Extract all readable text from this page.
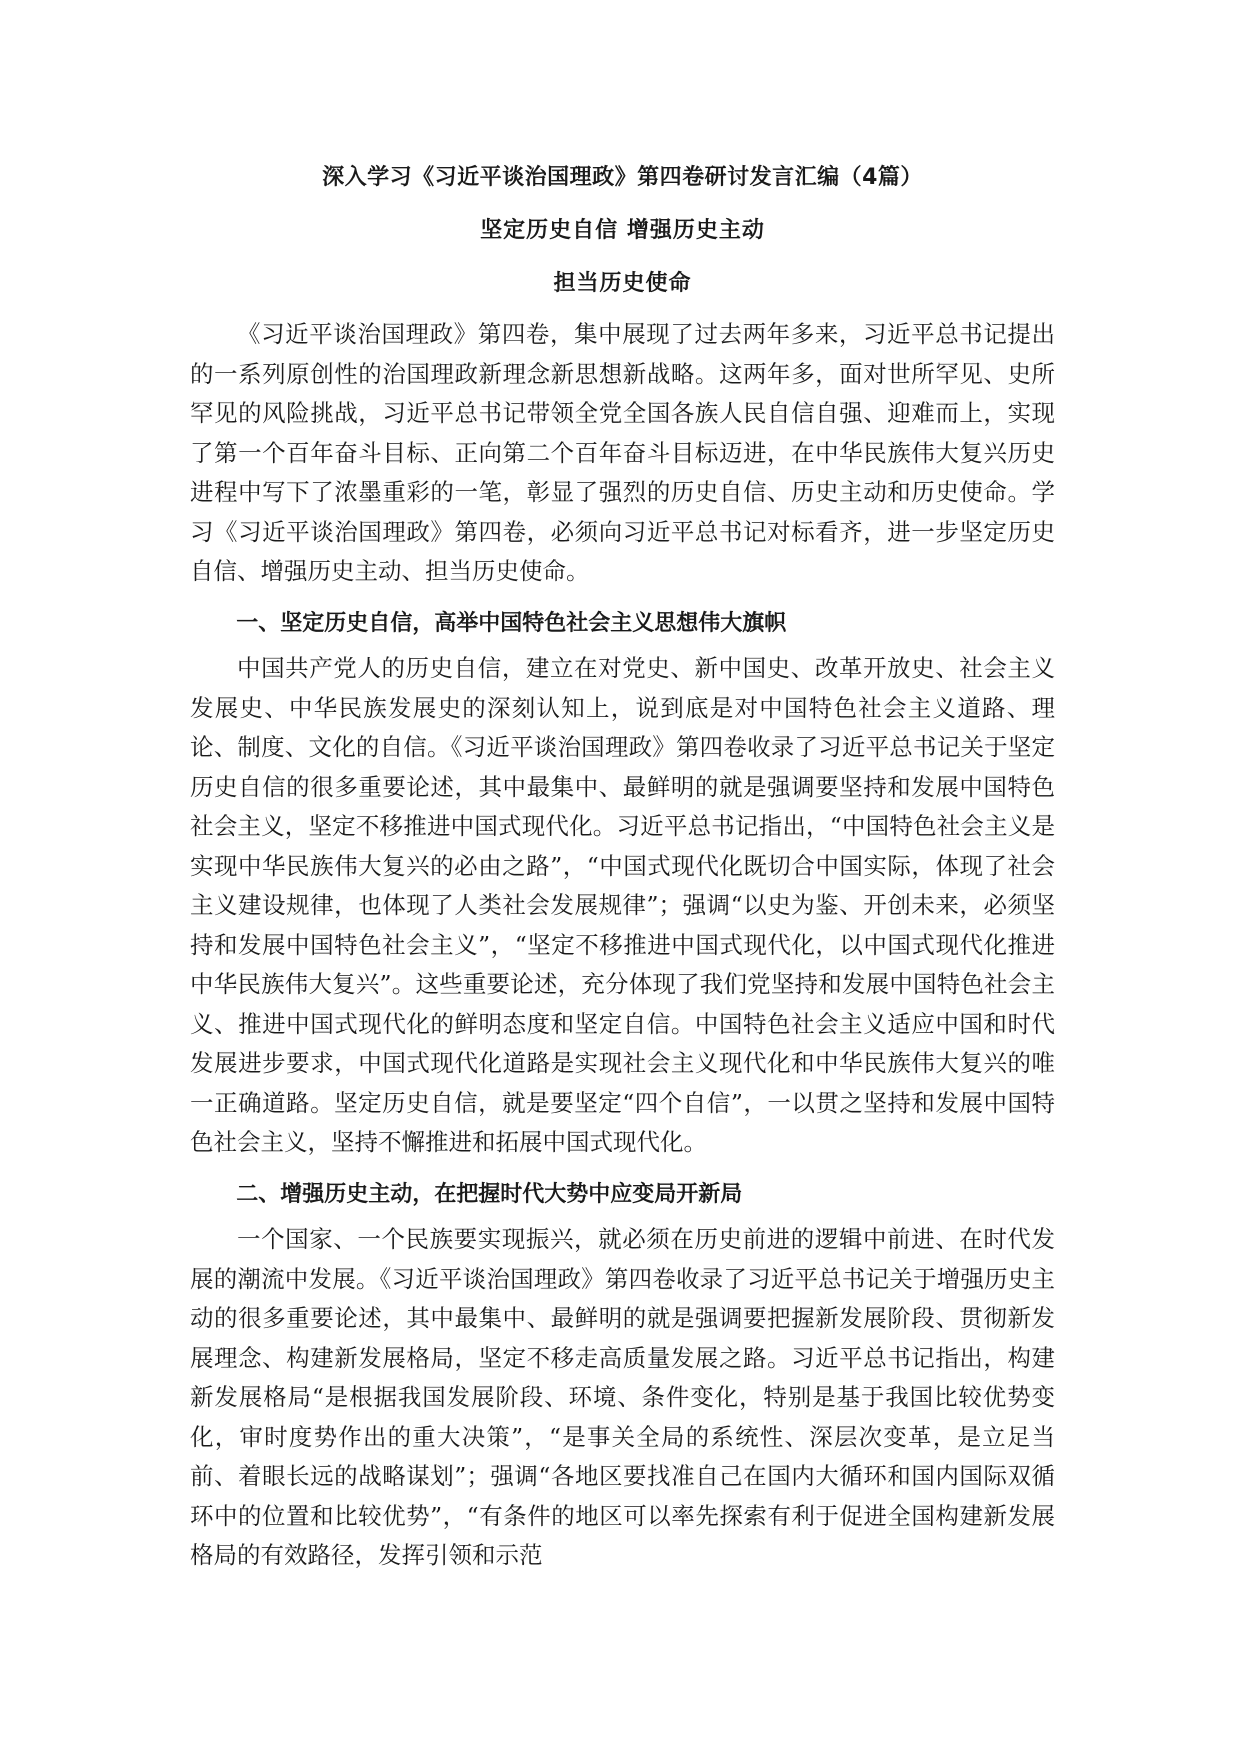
深入学习《习近平谈治国理政》第四卷研讨发言汇编（4篇）
坚定历史自信 增强历史主动
担当历史使命

《习近平谈治国理政》第四卷，集中展现了过去两年多来，习近平总书记提出的一系列原创性的治国理政新理念新思想新战略。这两年多，面对世所罕见、史所罕见的风险挑战，习近平总书记带领全党全国各族人民自信自强、迎难而上，实现了第一个百年奋斗目标、正向第二个百年奋斗目标迈进，在中华民族伟大复兴历史进程中写下了浓墨重彩的一笔，彰显了强烈的历史自信、历史主动和历史使命。学习《习近平谈治国理政》第四卷，必须向习近平总书记对标看齐，进一步坚定历史自信、增强历史主动、担当历史使命。

一、坚定历史自信，高举中国特色社会主义思想伟大旗帜

中国共产党人的历史自信，建立在对党史、新中国史、改革开放史、社会主义发展史、中华民族发展史的深刻认知上，说到底是对中国特色社会主义道路、理论、制度、文化的自信。《习近平谈治国理政》第四卷收录了习近平总书记关于坚定历史自信的很多重要论述，其中最集中、最鲜明的就是强调要坚持和发展中国特色社会主义，坚定不移推进中国式现代化。习近平总书记指出，“中国特色社会主义是实现中华民族伟大复兴的必由之路”，“中国式现代化既切合中国实际，体现了社会主义建设规律，也体现了人类社会发展规律”；强调“以史为鉴、开创未来，必须坚持和发展中国特色社会主义”，“坚定不移推进中国式现代化，以中国式现代化推进中华民族伟大复兴”。这些重要论述，充分体现了我们党坚持和发展中国特色社会主义、推进中国式现代化的鲜明态度和坚定自信。中国特色社会主义适应中国和时代发展进步要求，中国式现代化道路是实现社会主义现代化和中华民族伟大复兴的唯一正确道路。坚定历史自信，就是要坚定“四个自信”，一以贯之坚持和发展中国特色社会主义，坚持不懈推进和拓展中国式现代化。

二、增强历史主动，在把握时代大势中应变局开新局

一个国家、一个民族要实现振兴，就必须在历史前进的逻辑中前进、在时代发展的潮流中发展。《习近平谈治国理政》第四卷收录了习近平总书记关于增强历史主动的很多重要论述，其中最集中、最鲜明的就是强调要把握新发展阶段、贯彻新发展理念、构建新发展格局，坚定不移走高质量发展之路。习近平总书记指出，构建新发展格局“是根据我国发展阶段、环境、条件变化，特别是基于我国比较优势变化，审时度势作出的重大决策”，“是事关全局的系统性、深层次变革，是立足当前、着眼长远的战略谋划”；强调“各地区要找准自己在国内大循环和国内国际双循环中的位置和比较优势”，“有条件的地区可以率先探索有利于促进全国构建新发展格局的有效路径，发挥引领和示范
